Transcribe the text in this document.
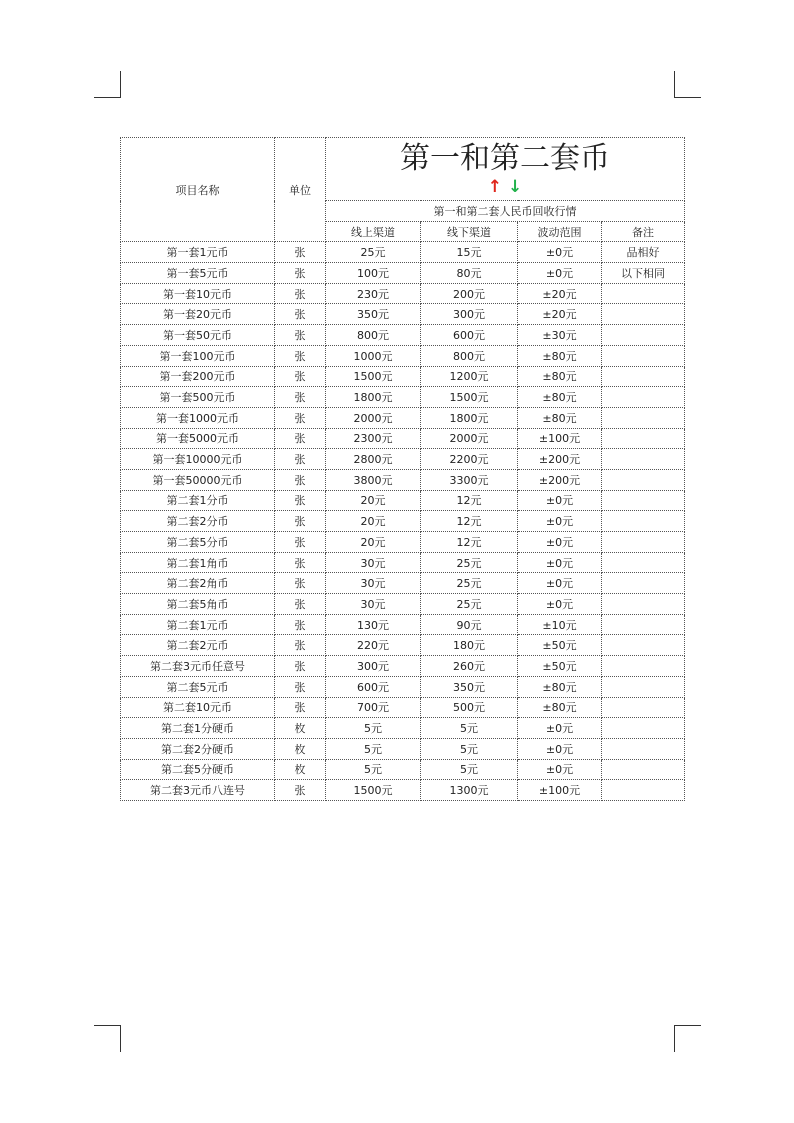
项目名称	单位	第一和第二套币
↑ ↓			

		第一和第二套人民币回收行情			
		线上渠道	线下渠道	波动范围	备注
第一套1元币	张	25元	15元	±0元	品相好
第一套5元币	张	100元	80元	±0元	以下相同
第一套10元币	张	230元	200元	±20元	
第一套20元币	张	350元	300元	±20元	
第一套50元币	张	800元	600元	±30元	
第一套100元币	张	1000元	800元	±80元	
第一套200元币	张	1500元	1200元	±80元	
第一套500元币	张	1800元	1500元	±80元	
第一套1000元币	张	2000元	1800元	±80元	
第一套5000元币	张	2300元	2000元	±100元	
第一套10000元币	张	2800元	2200元	±200元	
第一套50000元币	张	3800元	3300元	±200元	
第二套1分币	张	20元	12元	±0元	
第二套2分币	张	20元	12元	±0元	
第二套5分币	张	20元	12元	±0元	
第二套1角币	张	30元	25元	±0元	
第二套2角币	张	30元	25元	±0元	
第二套5角币	张	30元	25元	±0元	
第二套1元币	张	130元	90元	±10元	
第二套2元币	张	220元	180元	±50元	
第二套3元币任意号	张	300元	260元	±50元	
第二套5元币	张	600元	350元	±80元	
第二套10元币	张	700元	500元	±80元	
第二套1分硬币	枚	5元	5元	±0元	
第二套2分硬币	枚	5元	5元	±0元	
第二套5分硬币	枚	5元	5元	±0元	
第二套3元币八连号	张	1500元	1300元	±100元	
